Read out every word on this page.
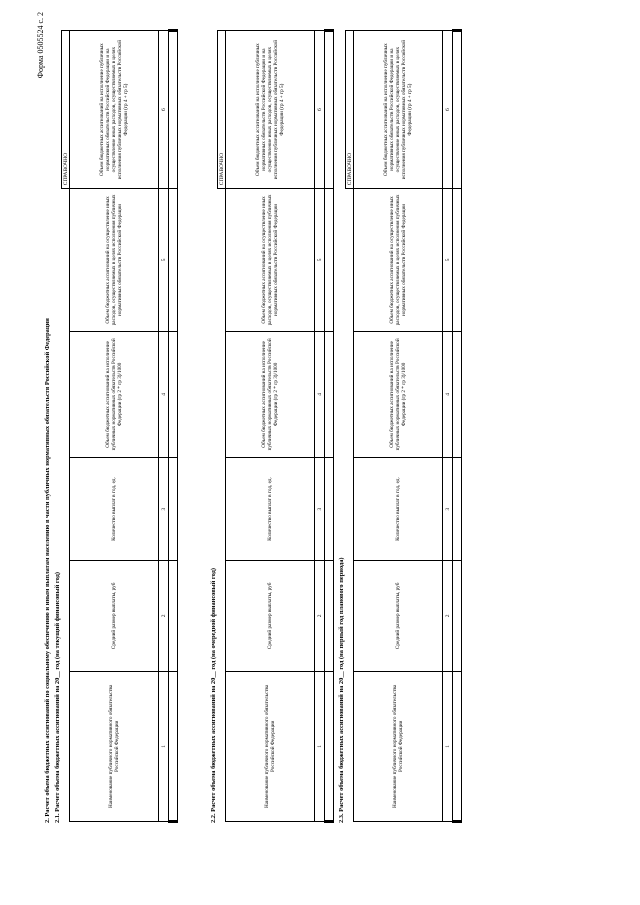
Форма 0505524 с. 2
2. Расчет объема бюджетных ассигнований по социальному обеспечению и иным выплатам населению в части публичных нормативных обязательств Российской Федерации 2.1. Расчет объема бюджетных ассигнований на 20__ год (на текущий финансовый год)
					СПРАВОЧНО
Наименование публичного нормативного обязательства Российской Федерации	Средний размер выплаты, руб	Количество выплат в год, ед.	Объем бюджетных ассигнований на исполнение публичных нормативных обязательств Российской Федерации (гр 2 * гр 3)/1000	Объем бюджетных ассигнований на осуществление иных расходов, осуществляемых в целях исполнения публичных нормативных обязательств Российской Федерации	Объем бюджетных ассигнований на исполнение публичных нормативных обязательств Российской Федерации и на осуществление иных расходов, осуществляемых в целях исполнения публичных нормативных обязательств Российской Федерации (гр 4 + гр 5)
1	2	3	4	5	6

2.2. Расчет объема бюджетных ассигнований на 20__ год (на очередной финансовый год)
					СПРАВОЧНО
Наименование публичного нормативного обязательства Российской Федерации	Средний размер выплаты, руб	Количество выплат в год, ед.	Объем бюджетных ассигнований на исполнение публичных нормативных обязательств Российской Федерации (гр 2 * гр 3)/1000	Объем бюджетных ассигнований на осуществление иных расходов, осуществляемых в целях исполнения публичных нормативных обязательств Российской Федерации	Объем бюджетных ассигнований на исполнение публичных нормативных обязательств Российской Федерации и на осуществление иных расходов, осуществляемых в целях исполнения публичных нормативных обязательств Российской Федерации (гр 4 + гр 5)
1	2	3	4	5	6

2.3. Расчет объема бюджетных ассигнований на 20__ год (на первый год планового периода)
					СПРАВОЧНО
Наименование публичного нормативного обязательства Российской Федерации	Средний размер выплаты, руб	Количество выплат в год, ед.	Объем бюджетных ассигнований на исполнение публичных нормативных обязательств Российской Федерации (гр 2 * гр 3)/1000	Объем бюджетных ассигнований на осуществление иных расходов, осуществляемых в целях исполнения публичных нормативных обязательств Российской Федерации	Объем бюджетных ассигнований на исполнение публичных нормативных обязательств Российской Федерации и на осуществление иных расходов, осуществляемых в целях исполнения публичных нормативных обязательств Российской Федерации (гр 4 + гр 5)
1	2	3	4	5	6
